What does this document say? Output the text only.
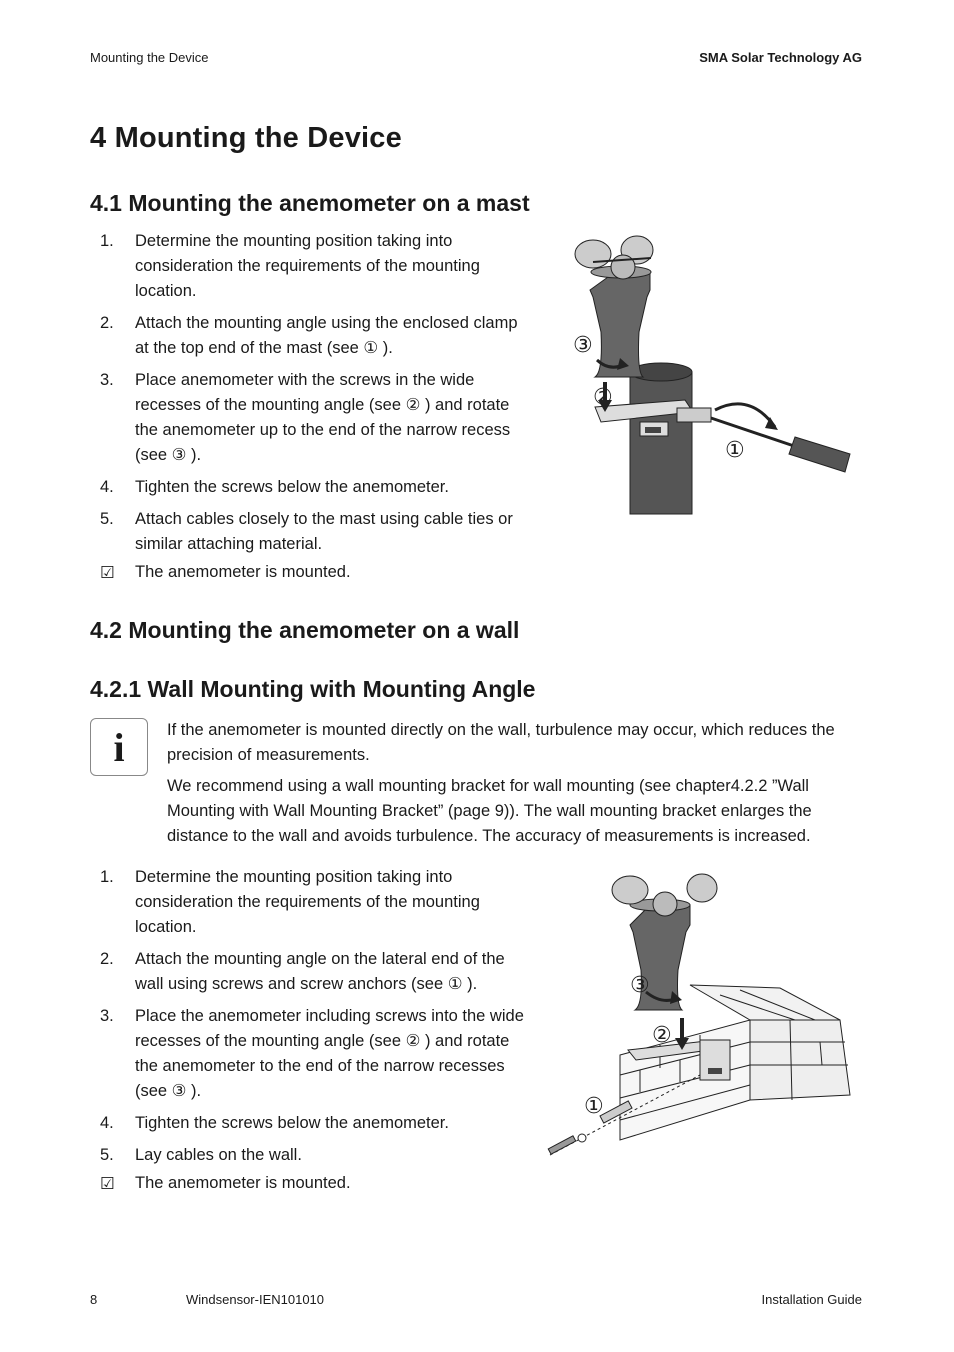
Mounting the Device	SMA Solar Technology AG
4 Mounting the Device
4.1 Mounting the anemometer on a mast
1. Determine the mounting position taking into consideration the requirements of the mounting location.
2. Attach the mounting angle using the enclosed clamp at the top end of the mast (see ① ).
3. Place anemometer with the screws in the wide recesses of the mounting angle (see ② ) and rotate the anemometer up to the end of the narrow recess (see ③ ).
4. Tighten the screws below the anemometer.
5. Attach cables closely to the mast using cable ties or similar attaching material.
☑ The anemometer is mounted.
③
②
①
4.2 Mounting the anemometer on a wall
4.2.1 Wall Mounting with Mounting Angle
i	If the anemometer is mounted directly on the wall, turbulence may occur, which reduces the precision of measurements.
We recommend using a wall mounting bracket for wall mounting (see chapter4.2.2 ”Wall Mounting with Wall Mounting Bracket” (page 9)). The wall mounting bracket enlarges the distance to the wall and avoids turbulence. The accuracy of measurements is increased.
1. Determine the mounting position taking into consideration the requirements of the mounting location.
2. Attach the mounting angle on the lateral end of the wall using screws and screw anchors (see ① ).
3. Place the anemometer including screws into the wide recesses of the mounting angle (see ② ) and rotate the anemometer to the end of the narrow recesses (see ③ ).
4. Tighten the screws below the anemometer.
5. Lay cables on the wall.
☑ The anemometer is mounted.
③
②
①
8	Windsensor-IEN101010	Installation Guide
